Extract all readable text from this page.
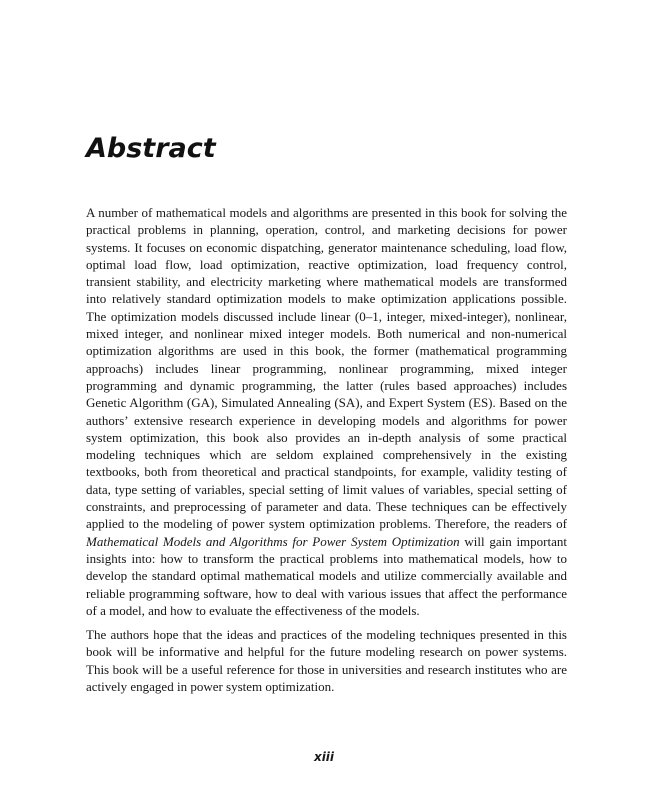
Abstract

A number of mathematical models and algorithms are presented in this book for solving the practical problems in planning, operation, control, and marketing decisions for power systems. It focuses on economic dispatching, generator maintenance scheduling, load flow, optimal load flow, load optimization, reactive optimization, load frequency control, transient stability, and electricity marketing where mathematical models are transformed into relatively standard optimization models to make optimization applications possible. The optimization models discussed include linear (0–1, integer, mixed-integer), nonlinear, mixed integer, and nonlinear mixed integer models. Both numerical and non-numerical optimization algorithms are used in this book, the former (mathematical programming approachs) includes linear programming, nonlinear programming, mixed integer programming and dynamic programming, the latter (rules based approaches) includes Genetic Algorithm (GA), Simulated Annealing (SA), and Expert System (ES). Based on the authors’ extensive research experience in developing models and algorithms for power system optimization, this book also provides an in-depth analysis of some practical modeling techniques which are seldom explained comprehensively in the existing textbooks, both from theoretical and practical standpoints, for example, validity testing of data, type setting of variables, special setting of limit values of variables, special setting of constraints, and preprocessing of parameter and data. These techniques can be effectively applied to the modeling of power system optimization problems. Therefore, the readers of Mathematical Models and Algorithms for Power System Optimization will gain important insights into: how to transform the practical problems into mathematical models, how to develop the standard optimal mathematical models and utilize commercially available and reliable programming software, how to deal with various issues that affect the performance of a model, and how to evaluate the effectiveness of the models.

The authors hope that the ideas and practices of the modeling techniques presented in this book will be informative and helpful for the future modeling research on power systems. This book will be a useful reference for those in universities and research institutes who are actively engaged in power system optimization.

xiii
